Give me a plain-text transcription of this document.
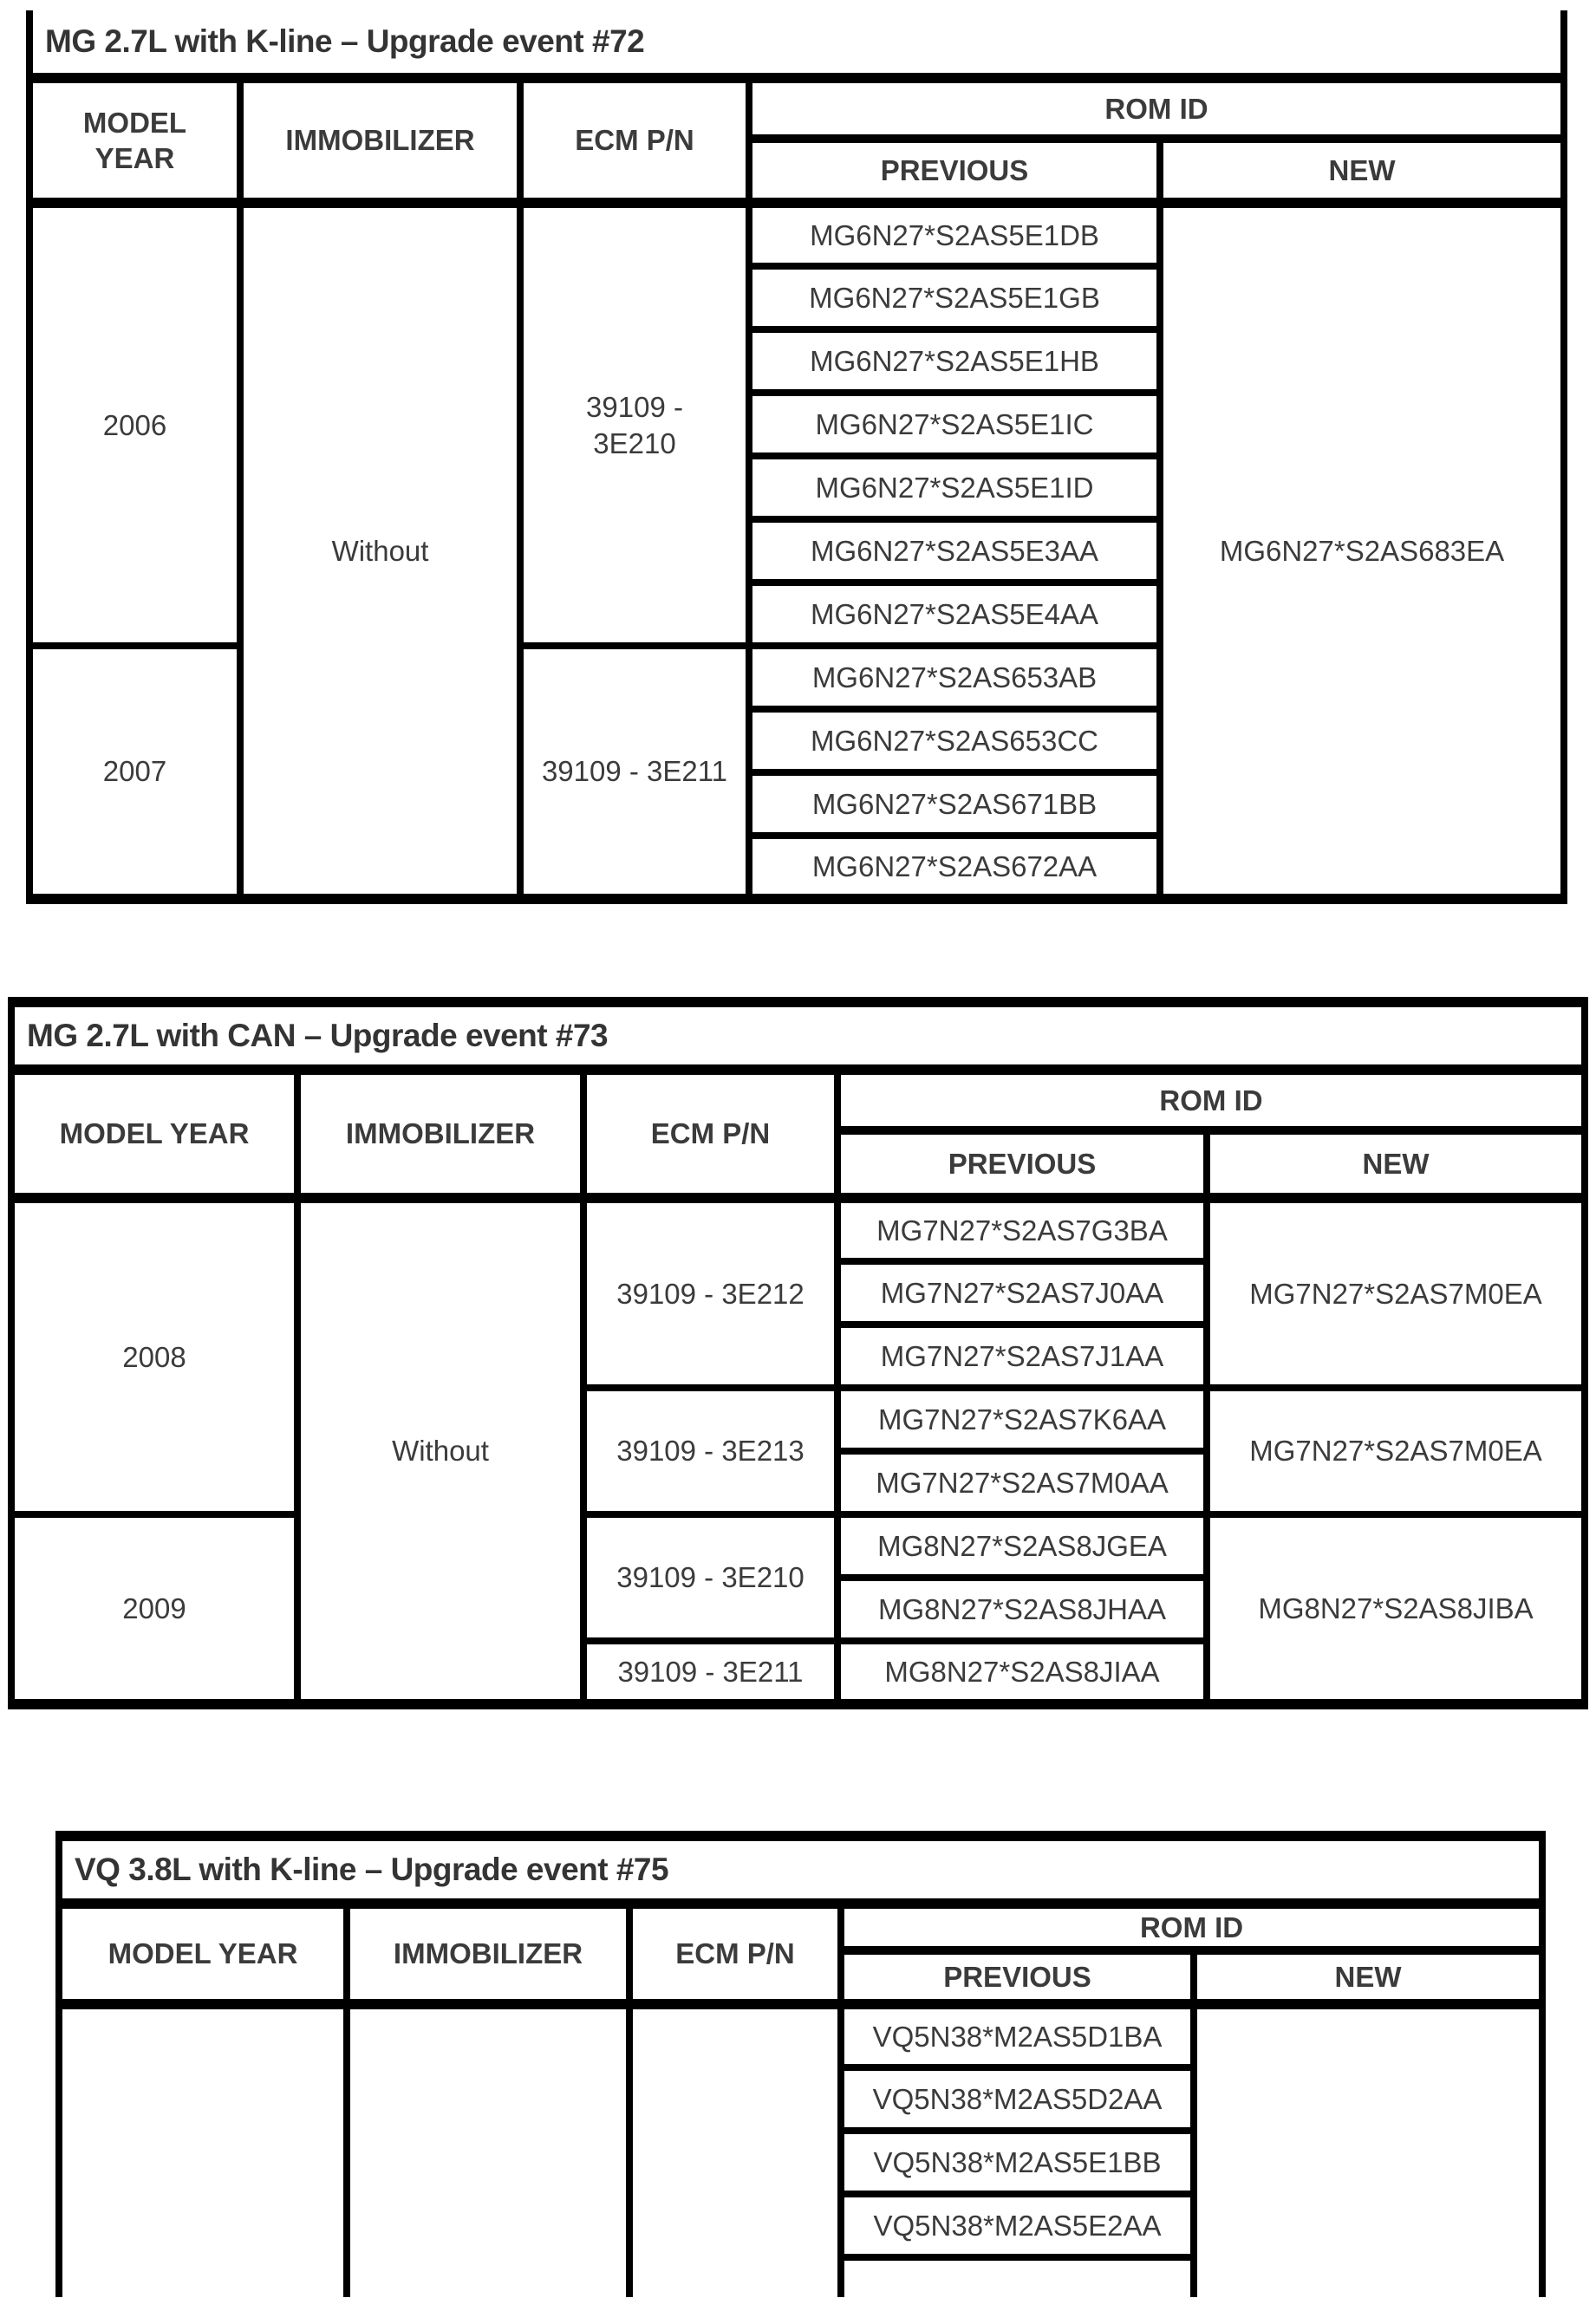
MG 2.7L with K-line – Upgrade event #72				
MODEL YEAR	IMMOBILIZER	ECM P/N	ROM ID	
			PREVIOUS	NEW
2006	Without	39109 - 3E210	MG6N27*S2AS5E1DB	MG6N27*S2AS683EA
			MG6N27*S2AS5E1GB	
			MG6N27*S2AS5E1HB	
			MG6N27*S2AS5E1IC	
			MG6N27*S2AS5E1ID	
			MG6N27*S2AS5E3AA	
			MG6N27*S2AS5E4AA	
2007		39109 - 3E211	MG6N27*S2AS653AB	
			MG6N27*S2AS653CC	
			MG6N27*S2AS671BB	
			MG6N27*S2AS672AA	
MG 2.7L with CAN – Upgrade event #73				
MODEL YEAR	IMMOBILIZER	ECM P/N	ROM ID	
			PREVIOUS	NEW
2008	Without	39109 - 3E212	MG7N27*S2AS7G3BA	MG7N27*S2AS7M0EA
			MG7N27*S2AS7J0AA	
			MG7N27*S2AS7J1AA	
		39109 - 3E213	MG7N27*S2AS7K6AA	MG7N27*S2AS7M0EA
			MG7N27*S2AS7M0AA	
2009		39109 - 3E210	MG8N27*S2AS8JGEA	MG8N27*S2AS8JIBA
			MG8N27*S2AS8JHAA	
		39109 - 3E211	MG8N27*S2AS8JIAA	
VQ 3.8L with K-line – Upgrade event #75				
MODEL YEAR	IMMOBILIZER	ECM P/N	ROM ID	
			PREVIOUS	NEW
			VQ5N38*M2AS5D1BA	
			VQ5N38*M2AS5D2AA	
			VQ5N38*M2AS5E1BB	
			VQ5N38*M2AS5E2AA	
